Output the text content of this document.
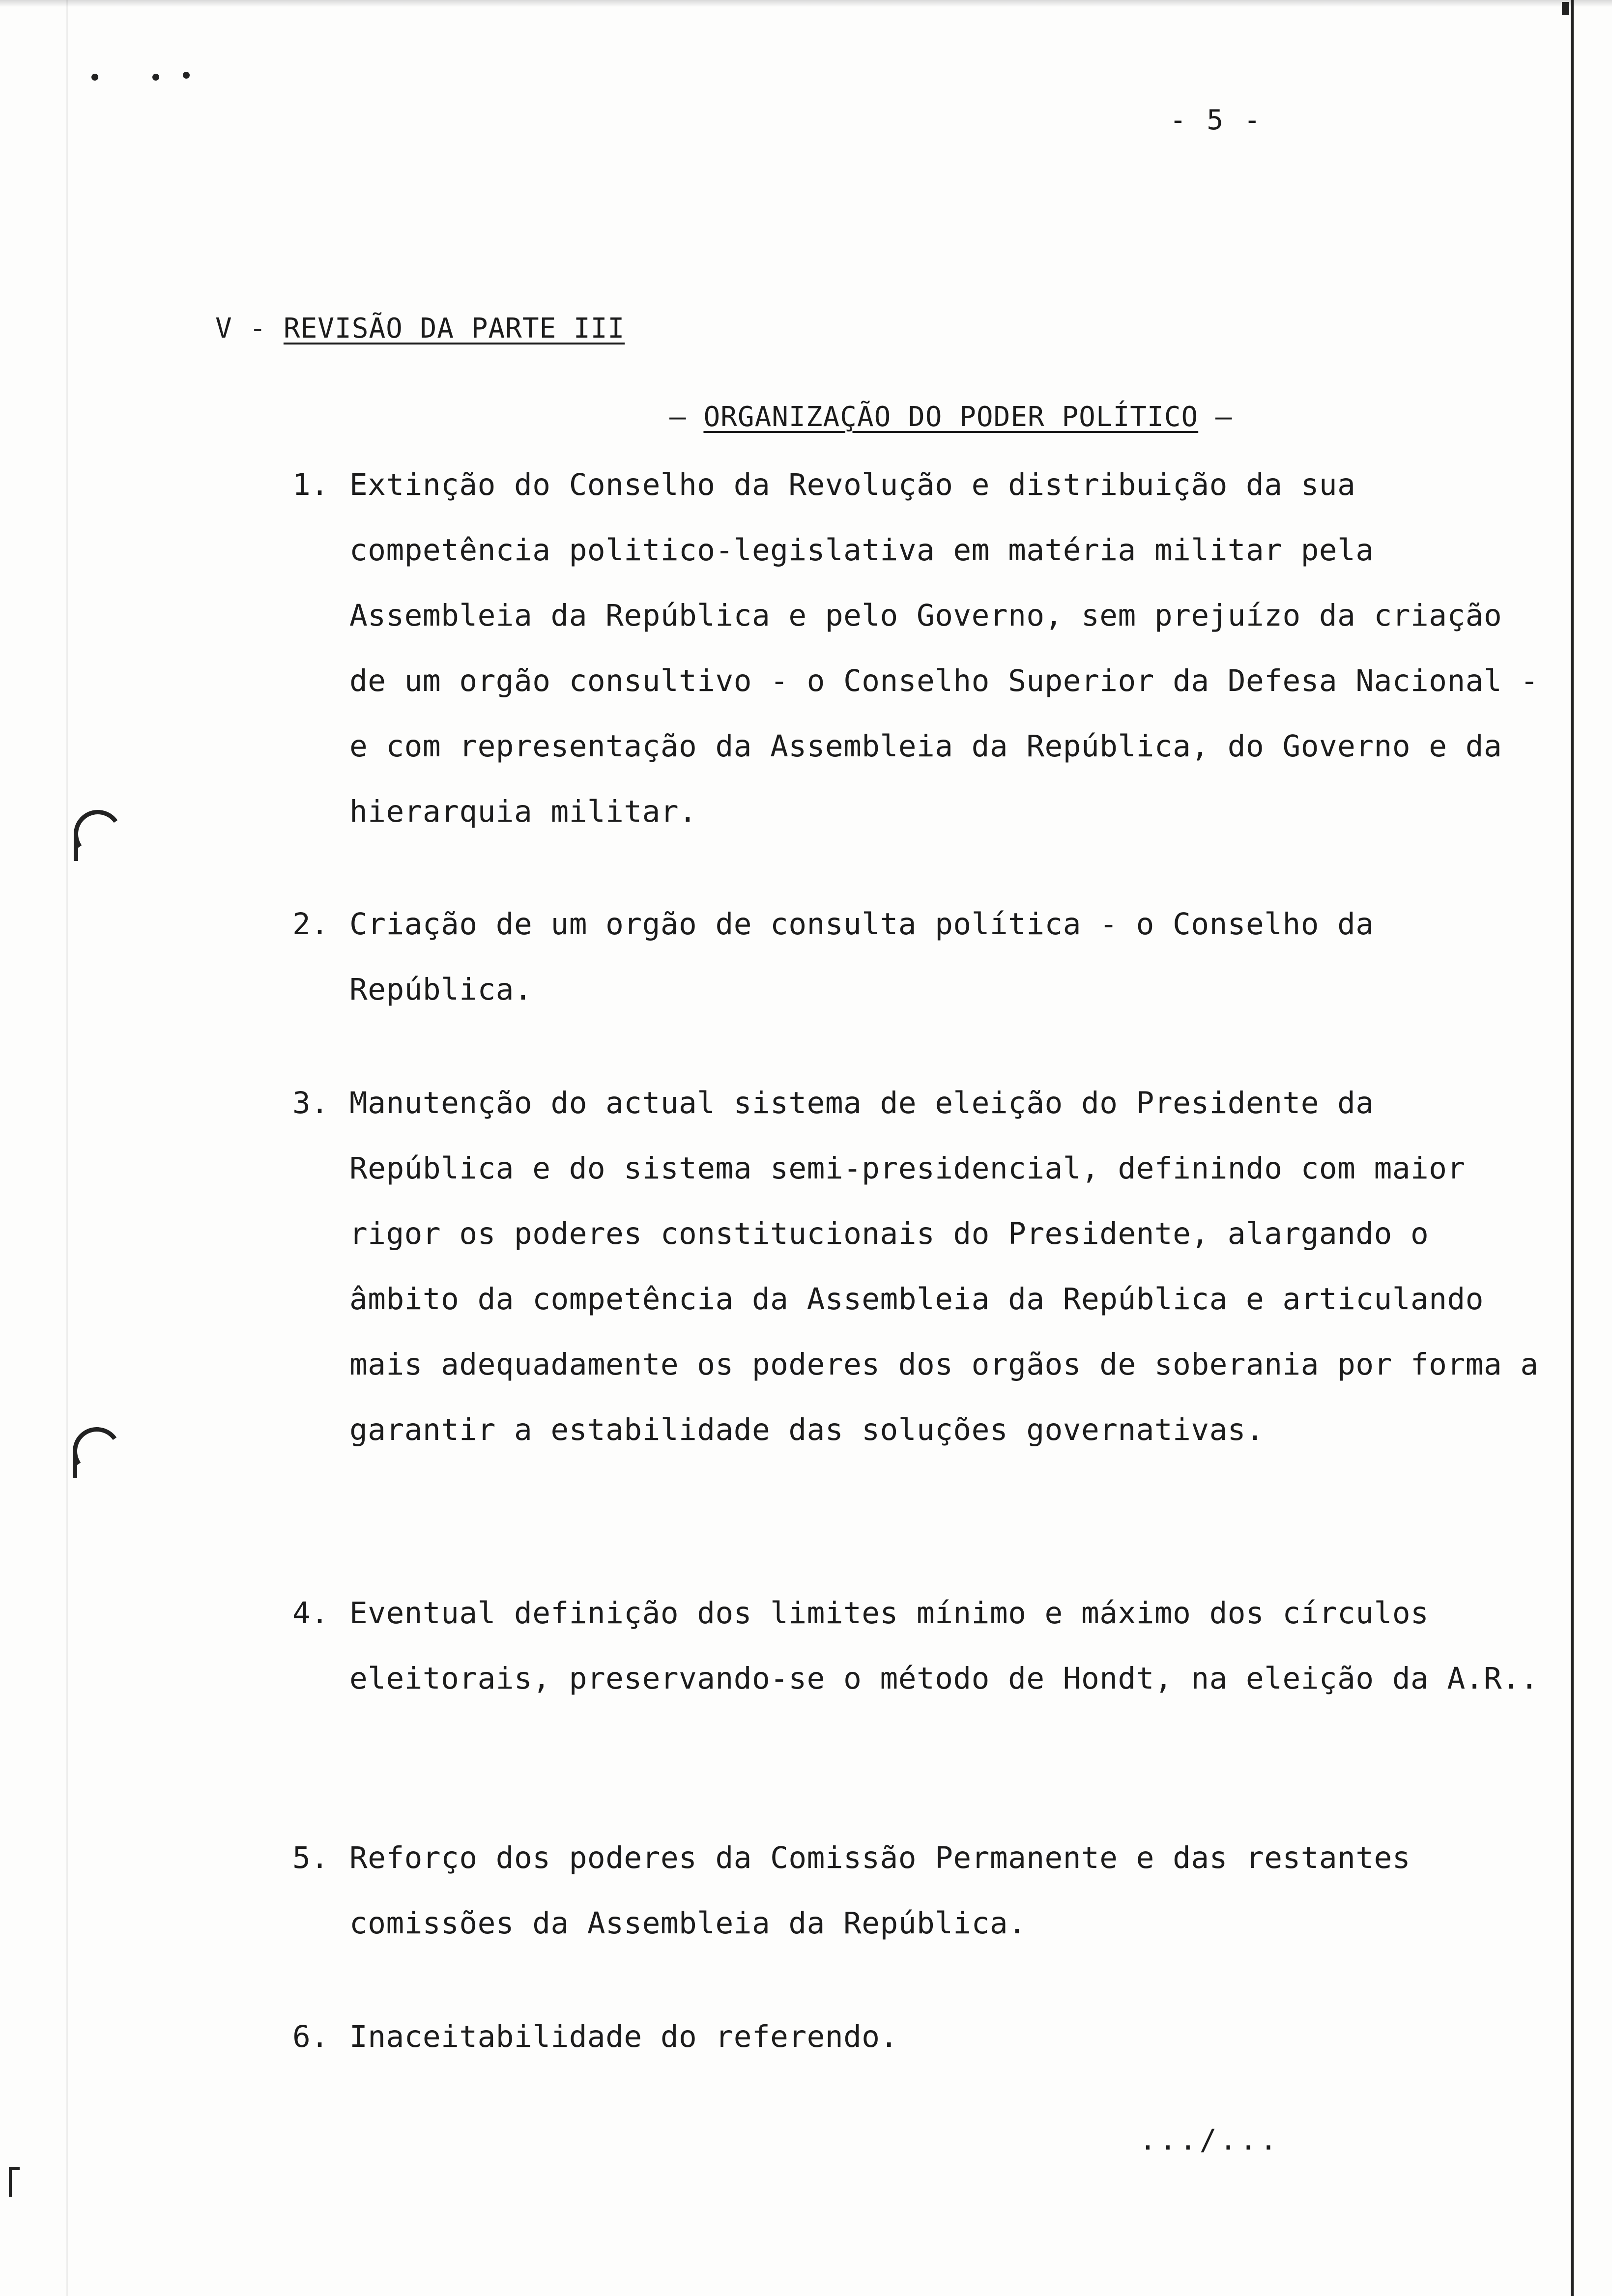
- 5 -
V - REVISÃO DA PARTE III
– ORGANIZAÇÃO DO PODER POLÍTICO –
1. Extinção do Conselho da Revolução e distribuição da sua competência politico-legislativa em matéria militar pela Assembleia da República e pelo Governo, sem prejuízo da criação de um orgão consultivo - o Conselho Superior da Defesa Nacional - e com representação da Assembleia da República, do Governo e da hierarquia militar.
2. Criação de um orgão de consulta política - o Conselho da República.
3. Manutenção do actual sistema de eleição do Presidente da República e do sistema semi-presidencial, definindo com maior rigor os poderes constitucionais do Presidente, alargando o âmbito da competência da Assembleia da República e articulando mais adequadamente os poderes dos orgãos de soberania por forma a garantir a estabilidade das soluções governativas.
4. Eventual definição dos limites mínimo e máximo dos círculos eleitorais, preservando-se o método de Hondt, na eleição da A.R..
5. Reforço dos poderes da Comissão Permanente e das restantes comissões da Assembleia da República.
6. Inaceitabilidade do referendo.
.../...
